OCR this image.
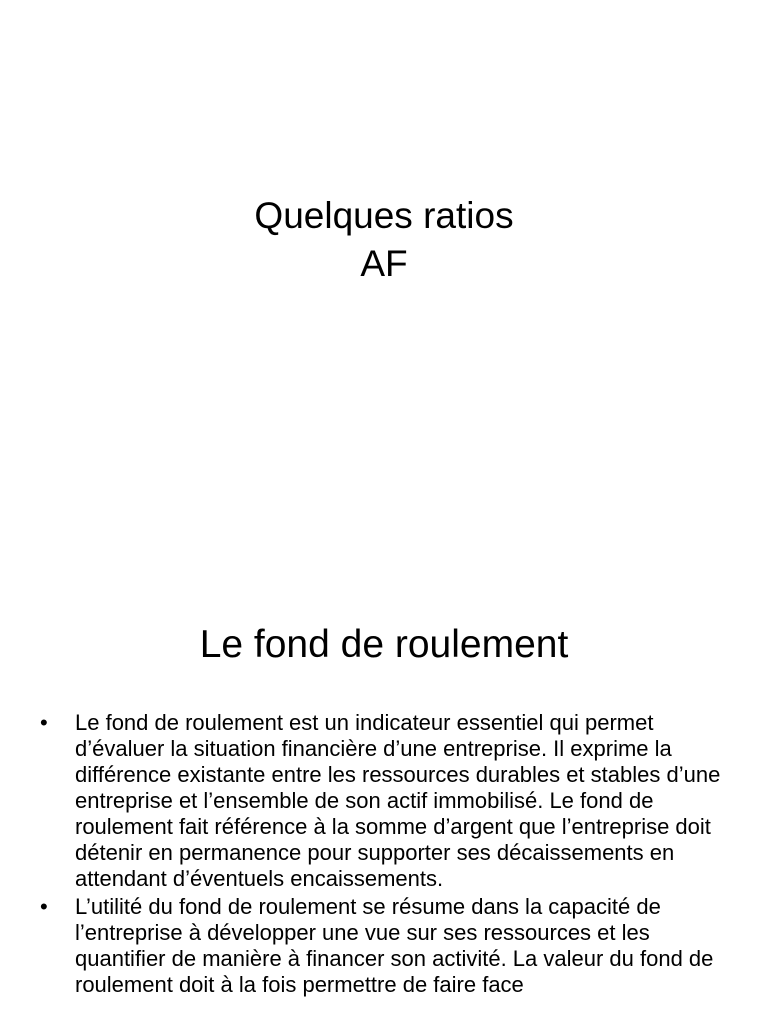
Quelques ratios
AF
Le fond de roulement
• Le fond de roulement est un indicateur essentiel qui permet d’évaluer la situation financière d’une entreprise. Il exprime la différence existante entre les ressources durables et stables d’une entreprise et l’ensemble de son actif immobilisé. Le fond de roulement fait référence à la somme d’argent que l’entreprise doit détenir en permanence pour supporter ses décaissements en attendant d’éventuels encaissements.
• L’utilité du fond de roulement se résume dans la capacité de l’entreprise à développer une vue sur ses ressources et les quantifier de manière à financer son activité. La valeur du fond de roulement doit à la fois permettre de faire face
